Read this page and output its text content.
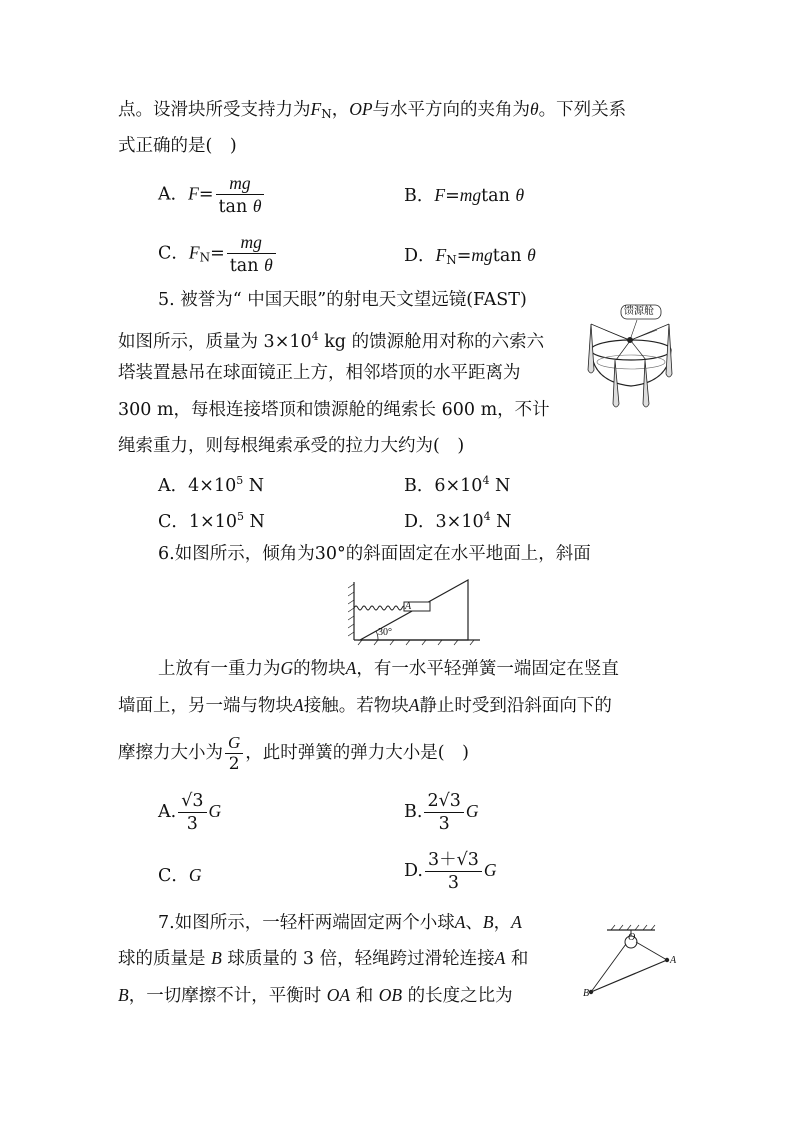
点。设滑块所受支持力为$F_N$，OP与水平方向的夹角为θ。下列关系
式正确的是(　)
A．$F= \frac{mg}{\text{tan θ}}$	B．F=mgtan θ
C．$F_N= \frac{mg}{\text{tan θ}}$	D．$F_N=mgtan$ θ
5. 被誉为“ 中国天眼”的射电天文望远镜(FAST)
如图所示，质量为 $3\times 10^4$ kg 的馈源舱用对称的六索六
塔装置悬吊在球面镜正上方，相邻塔顶的水平距离为
300 m，每根连接塔顶和馈源舱的绳索长 600 m，不计
绳索重力，则每根绳索承受的拉力大约为(　)
馈源舱
A．$4\times 10^5$ N	B．$6\times 10^4$ N
C．$1\times 10^5$ N	D．$3\times 10^4$ N
6.如图所示，倾角为30°的斜面固定在水平地面上，斜面
A
30°
上放有一重力为G的物块A，有一水平轻弹簧一端固定在竖直
墙面上，另一端与物块A接触。若物块A静止时受到沿斜面向下的
摩擦力大小为 $\frac{G}{2}$ ，此时弹簧的弹力大小是(　)
A. $\frac{√3}{3}$ G	B. $\frac{2√3}{3}$ G
C．G	D. $\frac{3+√3}{3}$ G
7.如图所示，一轻杆两端固定两个小球A、B，A
球的质量是 B 球质量的 3 倍，轻绳跨过滑轮连接A 和
B，一切摩擦不计，平衡时 OA 和 OB 的长度之比为
O
A
B
